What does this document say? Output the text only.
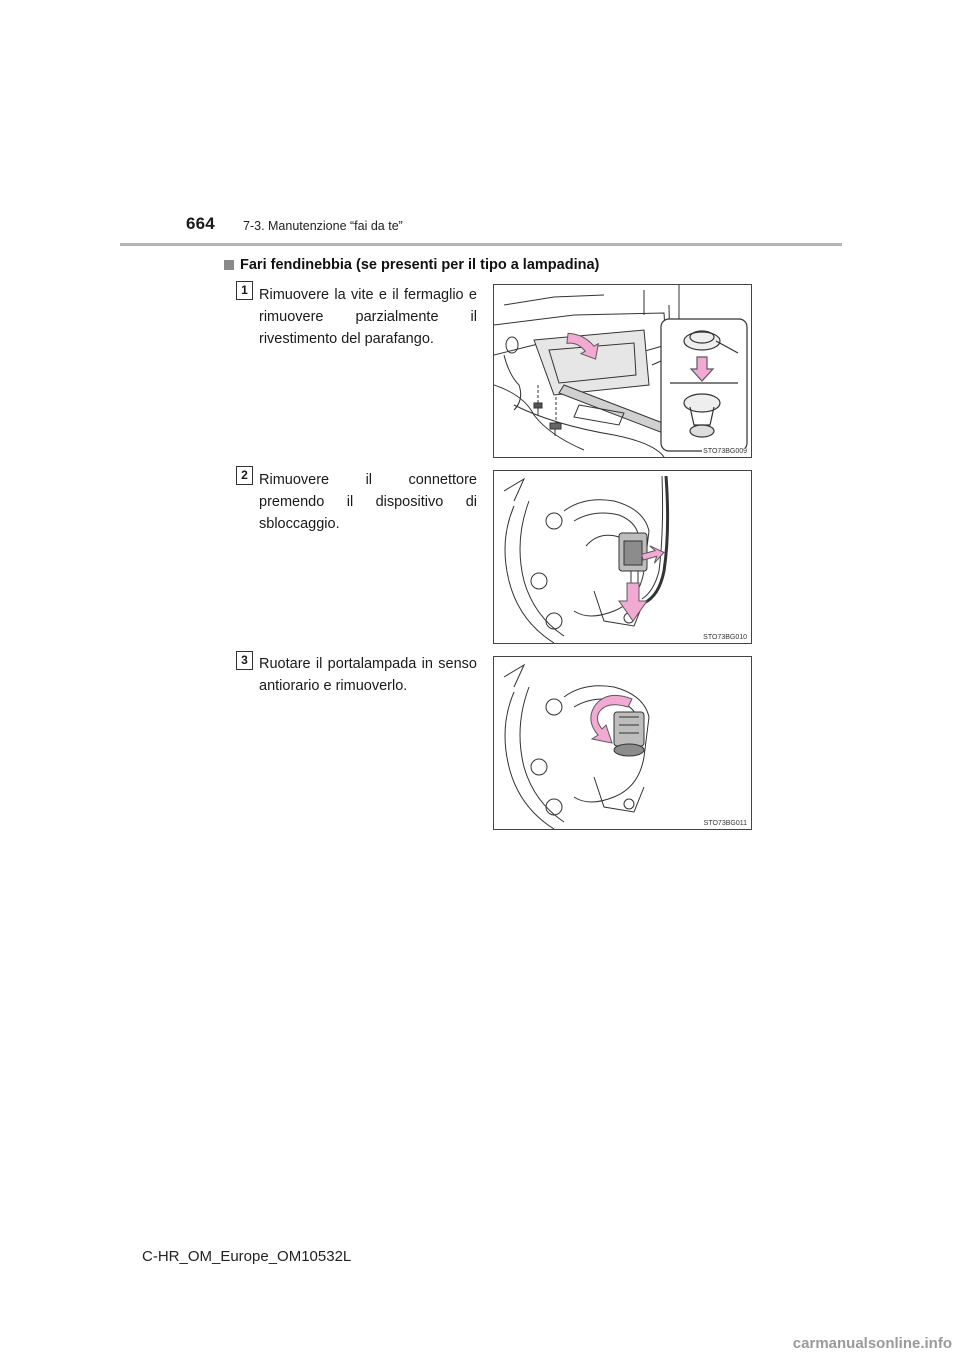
664 7-3. Manutenzione “fai da te”
Fari fendinebbia (se presenti per il tipo a lampadina)
1 Rimuovere la vite e il fermaglio e rimuovere parzialmente il rivestimento del parafango.
STO73BG009
2 Rimuovere il connettore premendo il dispositivo di sbloccaggio.
STO73BG010
3 Ruotare il portalampada in senso antiorario e rimuoverlo.
STO73BG011
C-HR_OM_Europe_OM10532L
carmanualsonline.info
